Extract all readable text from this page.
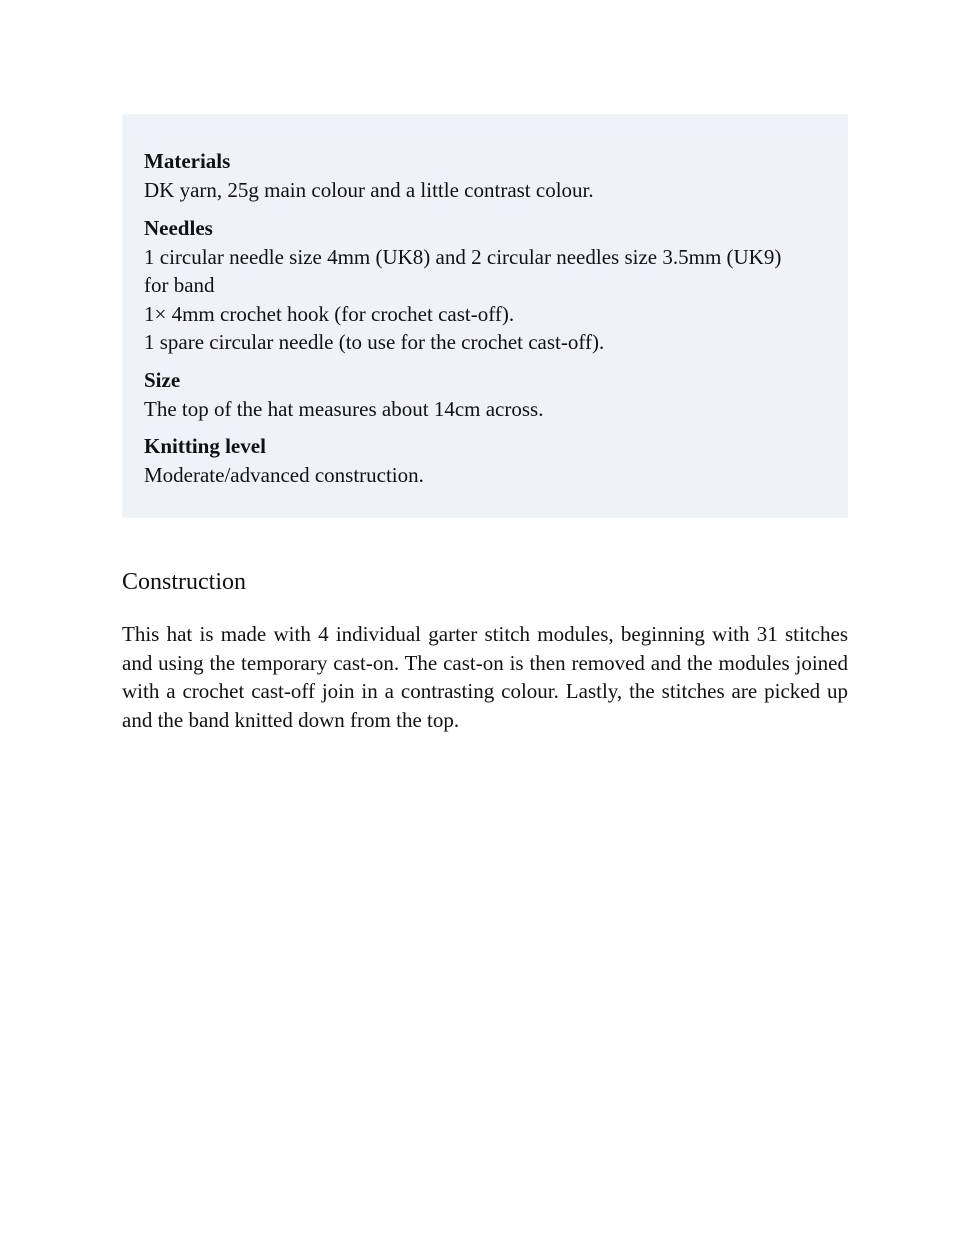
Materials

DK yarn, 25g main colour and a little contrast colour.

Needles

1 circular needle size 4mm (UK8) and 2 circular needles size 3.5mm (UK9) for band

1× 4mm crochet hook (for crochet cast-off).

1 spare circular needle (to use for the crochet cast-off).

Size

The top of the hat measures about 14cm across.

Knitting level

Moderate/advanced construction.

Construction

This hat is made with 4 individual garter stitch modules, beginning with 31 stitches and using the temporary cast-on. The cast-on is then removed and the modules joined with a crochet cast-off join in a contrasting colour. Lastly, the stitches are picked up and the band knitted down from the top.
